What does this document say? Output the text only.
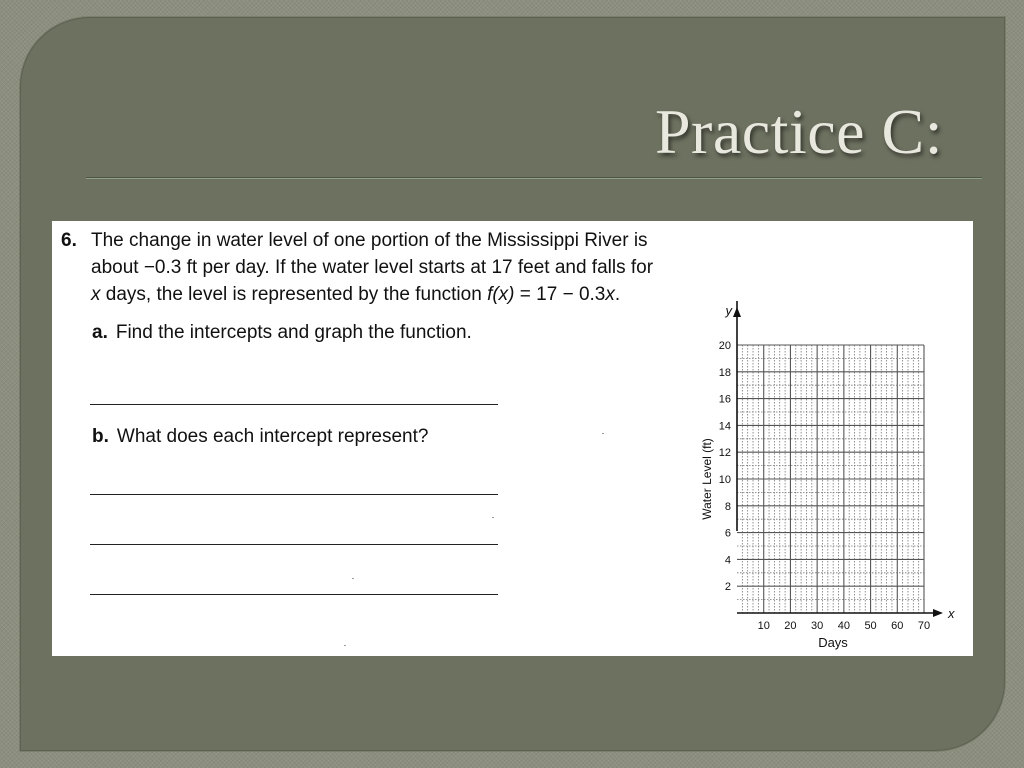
Practice C:
6. The change in water level of one portion of the Mississippi River is
about −0.3 ft per day. If the water level starts at 17 feet and falls for
x days, the level is represented by the function f(x) = 17 − 0.3x.
a. Find the intercepts and graph the function.
b. What does each intercept represent?
10 20 30 40 50 60 70
2
4
6
8
10
12
14
16
18
20
y
x
Days
Water Level (ft)
